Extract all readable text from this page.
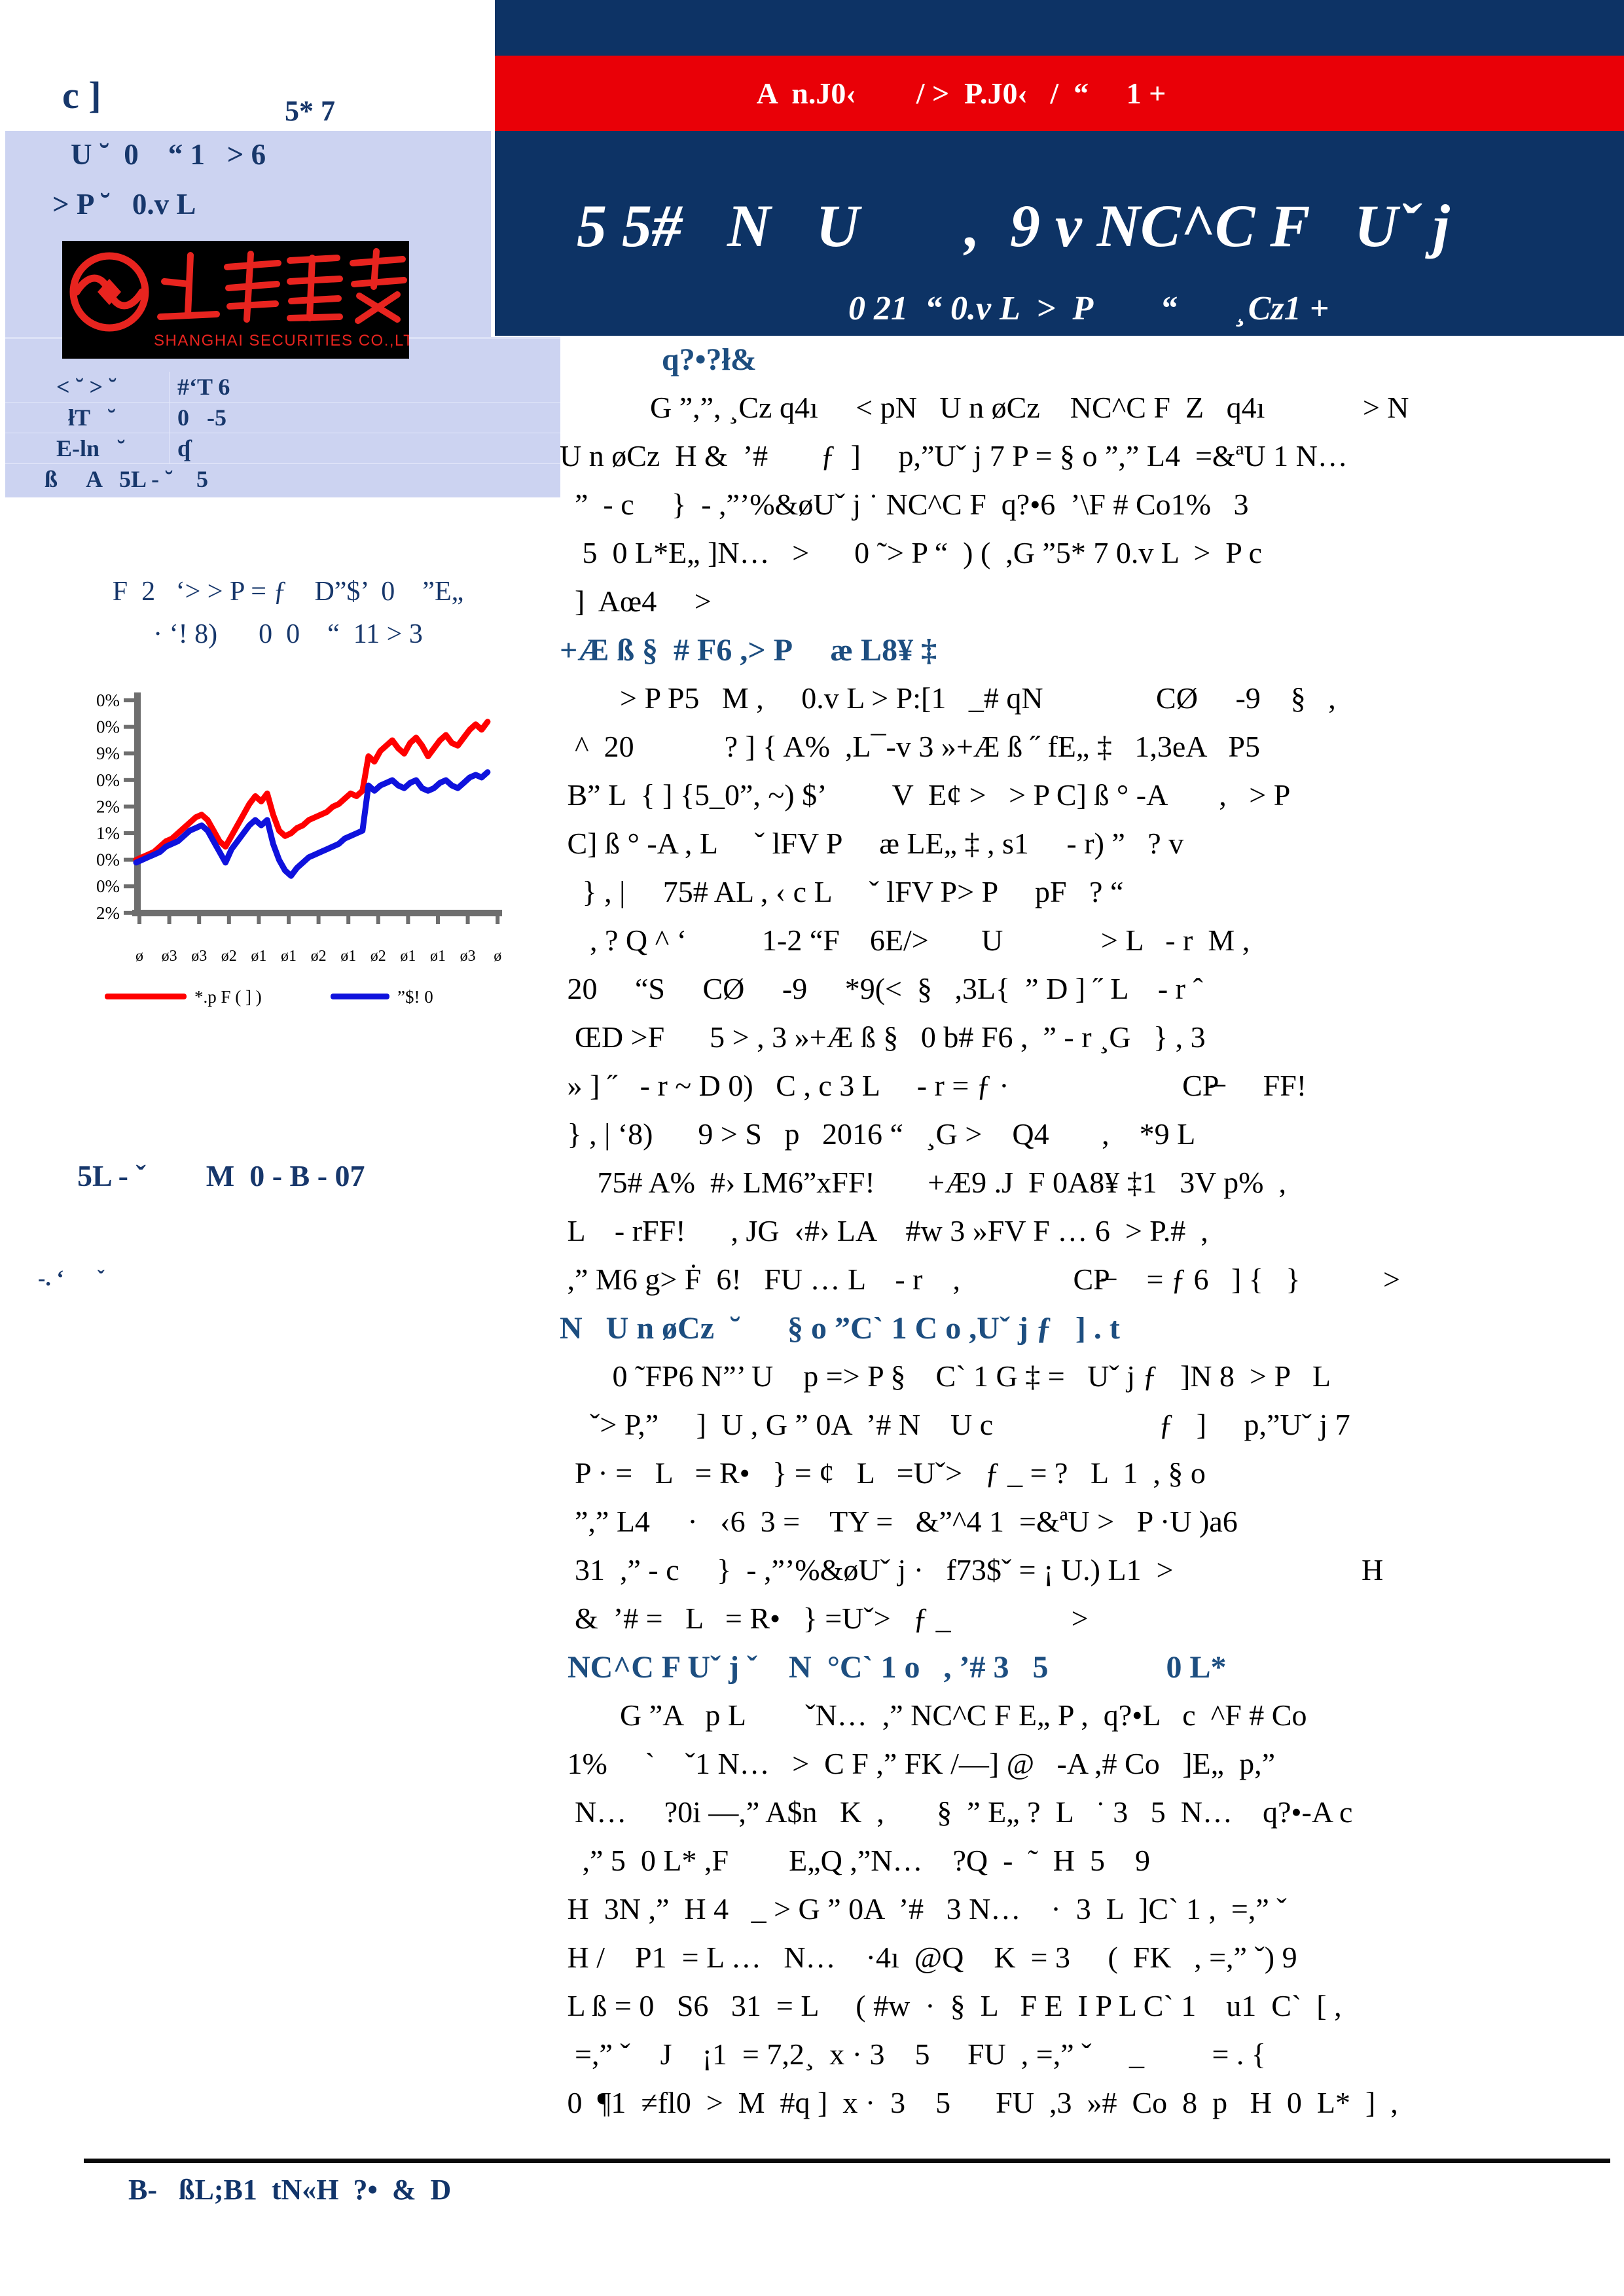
c ]	5* 7
A  n.J0‹        / >  P.J0‹   /  “     1 +
5 5#   N   U       ,  9 v NC^C F   Uˇ j
0 21  “ 0.v L  >  P        “       ¸Cz1 +
U ˘  0    “ 1   > 6
> P ˘   0.v L
SHANGHAI SECURITIES CO.,LTD.
< ˘ > ˘	#‘T 6
łT   ˘	0   -5
E-ln   ˘	ʠ
ß     A   5L - ˘    5
F  2   ‘> > P = ƒ    D”$’  0    ”E„
· ‘! 8)      0  0    “  11 > 3
0%
0%
9%
0%
2%
1%
0%
0%
2%
ø ø3 ø3 ø2 ø1 ø1 ø2 ø1 ø2 ø1 ø1 ø3 ø
*.p F ( ] )	”$! 0
5L - ˇ        M  0 - B - 07
-. ‘      ˇ
q?•?ł&
G ”,”, ¸Cz q4ı     < pN   U n øCz    NC^C F  Z   q4ı             > N
U n øCz  H &  ’#       ƒ  ]     p,”Uˇ j 7 P = § o ”,” L4  =&ªU 1 N…
”  - c     }  - ,”’%&øUˇ j ˙ NC^C F  q?•6  ’\F # Co1%   3
5  0 L*E„ ]N…   >      0 ˜> P “  ) (  ,G ”5* 7 0.v L  >  P c
]  Aœ4     >
+Æ ß §  # F6 ,> P     æ L8¥ ‡
> P P5   M ,     0.v L > P:[1   _# qN               CØ     -9    §   ,
^  20            ? ] { A%  ,L¯-v 3 »+Æ ß ˝ fE„ ‡   1,3eA   P5
B” L  { ] {5_0”, ~) $’         V  E¢ >   > P C] ß ° -A       ,   > P
C] ß ° -A , L     ˇ lFV P     æ LE„ ‡ , s1     - r) ”   ? v
} , |     75# AL , ‹ c L     ˇ lFV P> P     pF   ? “
, ? Q ^ ‘          1-2 “F    6E/>       U             > L   - r  M ,
20     “S     CØ     -9     *9(<  §   ,3L{  ” D ] ˝ L    - r ˆ
ŒD >F      5 > , 3 »+Æ ß §   0 b# F6 ,  ” - r ¸G   } , 3
» ] ˝   - r ~ D 0)   C , c 3 L     - r = ƒ ·                       CP̶      FF!
} , | ‘8)      9 > S   p   2016 “   ¸G >    Q4       ,    *9 L
75# A%  #› LM6”xFF!       +Æ9 .J  F 0A8¥ ‡1   3V p%  ,
L    - rFF!      , JG  ‹#› LA    #w 3 »FV F … 6  > P.#  ,
,” M6 g> Ḟ  6!   FU … L    - r    ,               CP̶     = ƒ 6   ] {   }           >
N   U n øCz  ˘      § o ”C` 1 C o ,Uˇ j ƒ   ] . t
0 ˜FP6 N”’ U    p => P §    C` 1 G ‡ =   Uˇ j ƒ   ]N 8  > P   L
ˇ> P,”     ]  U , G ” 0A  ’# N    U c                      ƒ   ]     p,”Uˇ j 7
P · =   L   = R•   } = ¢   L   =Uˇ>   ƒ _ = ?   L  1  , § o
”,” L4     ·   ‹6  3 =    TY =   &”^4 1  =&ªU >   P ·U )a6
31  ,” - c     }  - ,”’%&øUˇ j ·   f73$ˇ = ¡ U.) L1  >                         H
&  ’# =   L   = R•   } =Uˇ>   ƒ _                >
NC^C F Uˇ j ˇ    N  °C` 1 o   , ’# 3   5               0 L*
G ”A   p L        ˇN…  ,” NC^C F E„ P ,  q?•L   c  ^F # Co
1%     `    ˇ1 N…   >  C F ,” FK /—] @   -A ,# Co   ]E„  p,”
N…     ?0i —,” A$n   K  ,       §  ” E„ ?  L   ˙ 3   5  N…    q?•-A c
,” 5  0 L* ,F        E„Q ,”N…    ?Q  -  ˜  H  5    9
H  3N ,”  H 4   _ > G ” 0A  ’#   3 N…    ·  3  L  ]C` 1 ,  =,” ˇ
H /    P1  = L …   N…    ·4ı  @Q    K  = 3     (  FK   , =,” ˇ) 9
L ß = 0   S6   31  = L     ( #w  ·  §  L   F E  I P L C` 1    u1  C`  [ ,
=,” ˇ    J    ¡1  = 7,2¸  x · 3    5     FU  , =,” ˇ     _         = . {
0  ¶1  ≠fl0  >  M  #q ]  x ·  3    5      FU  ,3  »#  Co  8  p   H  0  L*  ]  ,
B-   ßL;B1  tN«H  ?•  &  D
